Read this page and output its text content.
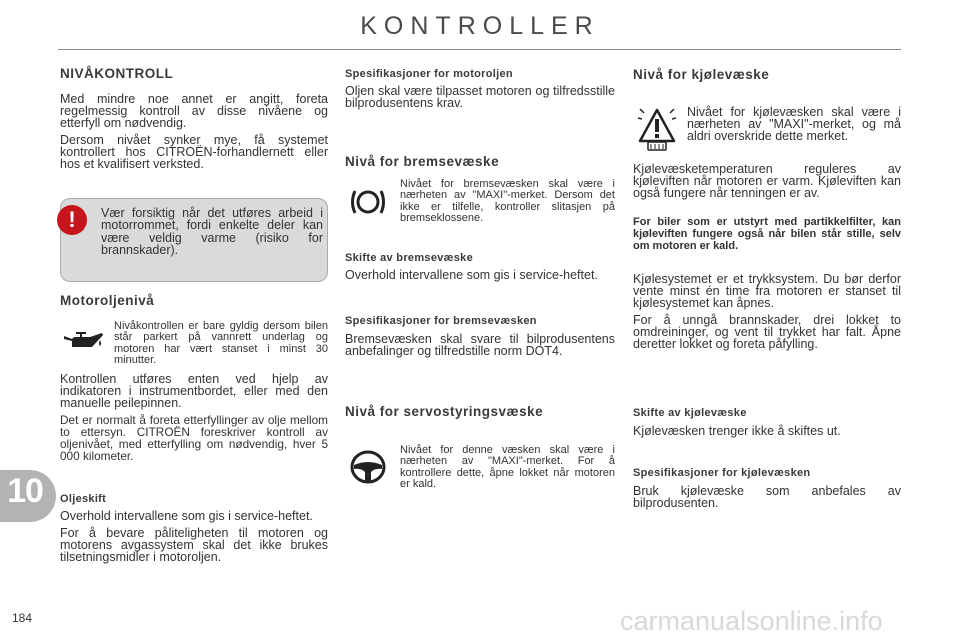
KONTROLLER
NIVÅKONTROLL

Med mindre noe annet er angitt, foreta regelmessig kontroll av disse nivåene og etterfyll om nødvendig.

Dersom nivået synker mye, få systemet kontrollert hos CITROËN-forhandlernett eller hos et kvalifisert verksted.

!	Vær forsiktig når det utføres arbeid i motorrommet, fordi enkelte deler kan være veldig varme (risiko for brannskader).
Motoroljenivå
Nivåkontrollen er bare gyldig dersom bilen står parkert på vannrett underlag og motoren har vært stanset i minst 30 minutter.

Kontrollen utføres enten ved hjelp av indikatoren i instrumentbordet, eller med den manuelle peilepinnen.

Det er normalt å foreta etterfyllinger av olje mellom to ettersyn. CITROËN foreskriver kontroll av oljenivået, med etterfylling om nødvendig, hver 5 000 kilometer.

Oljeskift

Overhold intervallene som gis i service-heftet.

For å bevare påliteligheten til motoren og motorens avgassystem skal det ikke brukes tilsetningsmidler i motoroljen.

Spesifikasjoner for motoroljen

Oljen skal være tilpasset motoren og tilfredsstille bilprodusentens krav.

Nivå for bremsevæske
Nivået for bremsevæsken skal være i nærheten av "MAXI"-merket. Dersom det ikke er tilfelle, kontroller slitasjen på bremseklossene.
Skifte av bremsevæske

Overhold intervallene som gis i service-heftet.

Spesifikasjoner for bremsevæsken

Bremsevæsken skal svare til bilprodusentens anbefalinger og tilfredstille norm DOT4.

Nivå for servostyringsvæske
Nivået for denne væsken skal være i nærheten av "MAXI"-merket. For å kontrollere dette, åpne lokket når motoren er kald.
Nivå for kjølevæske
Nivået for kjølevæsken skal være i nærheten av "MAXI"-merket, og må aldri overskride dette merket.
Kjølevæsketemperaturen reguleres av kjøleviften når motoren er varm. Kjøleviften kan også fungere når tenningen er av.
For biler som er utstyrt med partikkelfilter, kan kjøleviften fungere også når bilen står stille, selv om motoren er kald.

Kjølesystemet er et trykksystem. Du bør derfor vente minst én time fra motoren er stanset til kjølesystemet kan åpnes.

For å unngå brannskader, drei lokket to omdreininger, og vent til trykket har falt. Åpne deretter lokket og foreta påfylling.

Skifte av kjølevæske

Kjølevæsken trenger ikke å skiftes ut.

Spesifikasjoner for kjølevæsken

Bruk kjølevæske som anbefales av bilprodusenten.

10
184	carmanualsonline.info
